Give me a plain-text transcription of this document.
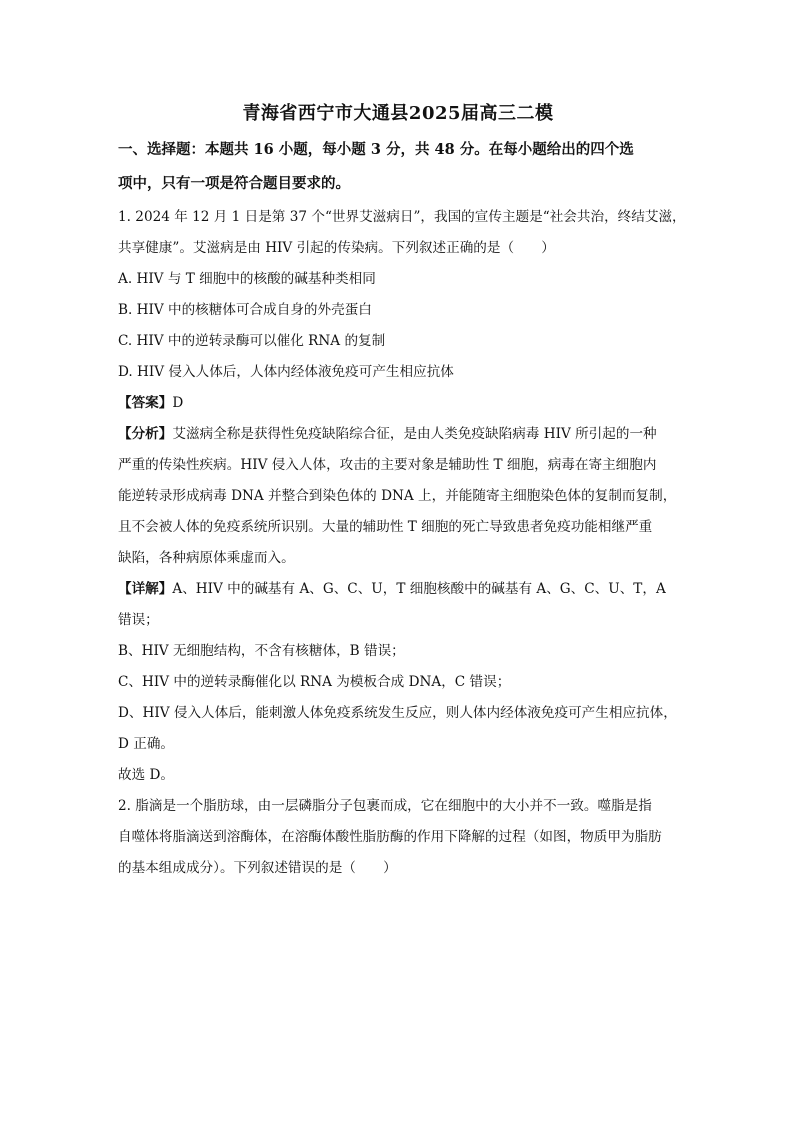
青海省西宁市大通县2025届高三二模
一、选择题：本题共 16 小题，每小题 3 分，共 48 分。在每小题给出的四个选
项中，只有一项是符合题目要求的。

1. 2024 年 12 月 1 日是第 37 个“世界艾滋病日”，我国的宣传主题是“社会共治，终结艾滋，

共享健康”。艾滋病是由 HIV 引起的传染病。下列叙述正确的是（　　）

A. HIV 与 T 细胞中的核酸的碱基种类相同

B. HIV 中的核糖体可合成自身的外壳蛋白

C. HIV 中的逆转录酶可以催化 RNA 的复制

D. HIV 侵入人体后，人体内经体液免疫可产生相应抗体

【答案】D

【分析】艾滋病全称是获得性免疫缺陷综合征，是由人类免疫缺陷病毒 HIV 所引起的一种

严重的传染性疾病。HIV 侵入人体，攻击的主要对象是辅助性 T 细胞，病毒在寄主细胞内

能逆转录形成病毒 DNA 并整合到染色体的 DNA 上，并能随寄主细胞染色体的复制而复制，

且不会被人体的免疫系统所识别。大量的辅助性 T 细胞的死亡导致患者免疫功能相继严重

缺陷，各种病原体乘虚而入。

【详解】A、HIV 中的碱基有 A、G、C、U，T 细胞核酸中的碱基有 A、G、C、U、T，A

错误；

B、HIV 无细胞结构，不含有核糖体，B 错误；

C、HIV 中的逆转录酶催化以 RNA 为模板合成 DNA，C 错误；

D、HIV 侵入人体后，能刺激人体免疫系统发生反应，则人体内经体液免疫可产生相应抗体，

D 正确。

故选 D。

2. 脂滴是一个脂肪球，由一层磷脂分子包裹而成，它在细胞中的大小并不一致。噬脂是指

自噬体将脂滴送到溶酶体，在溶酶体酸性脂肪酶的作用下降解的过程（如图，物质甲为脂肪

的基本组成成分）。下列叙述错误的是（　　）
